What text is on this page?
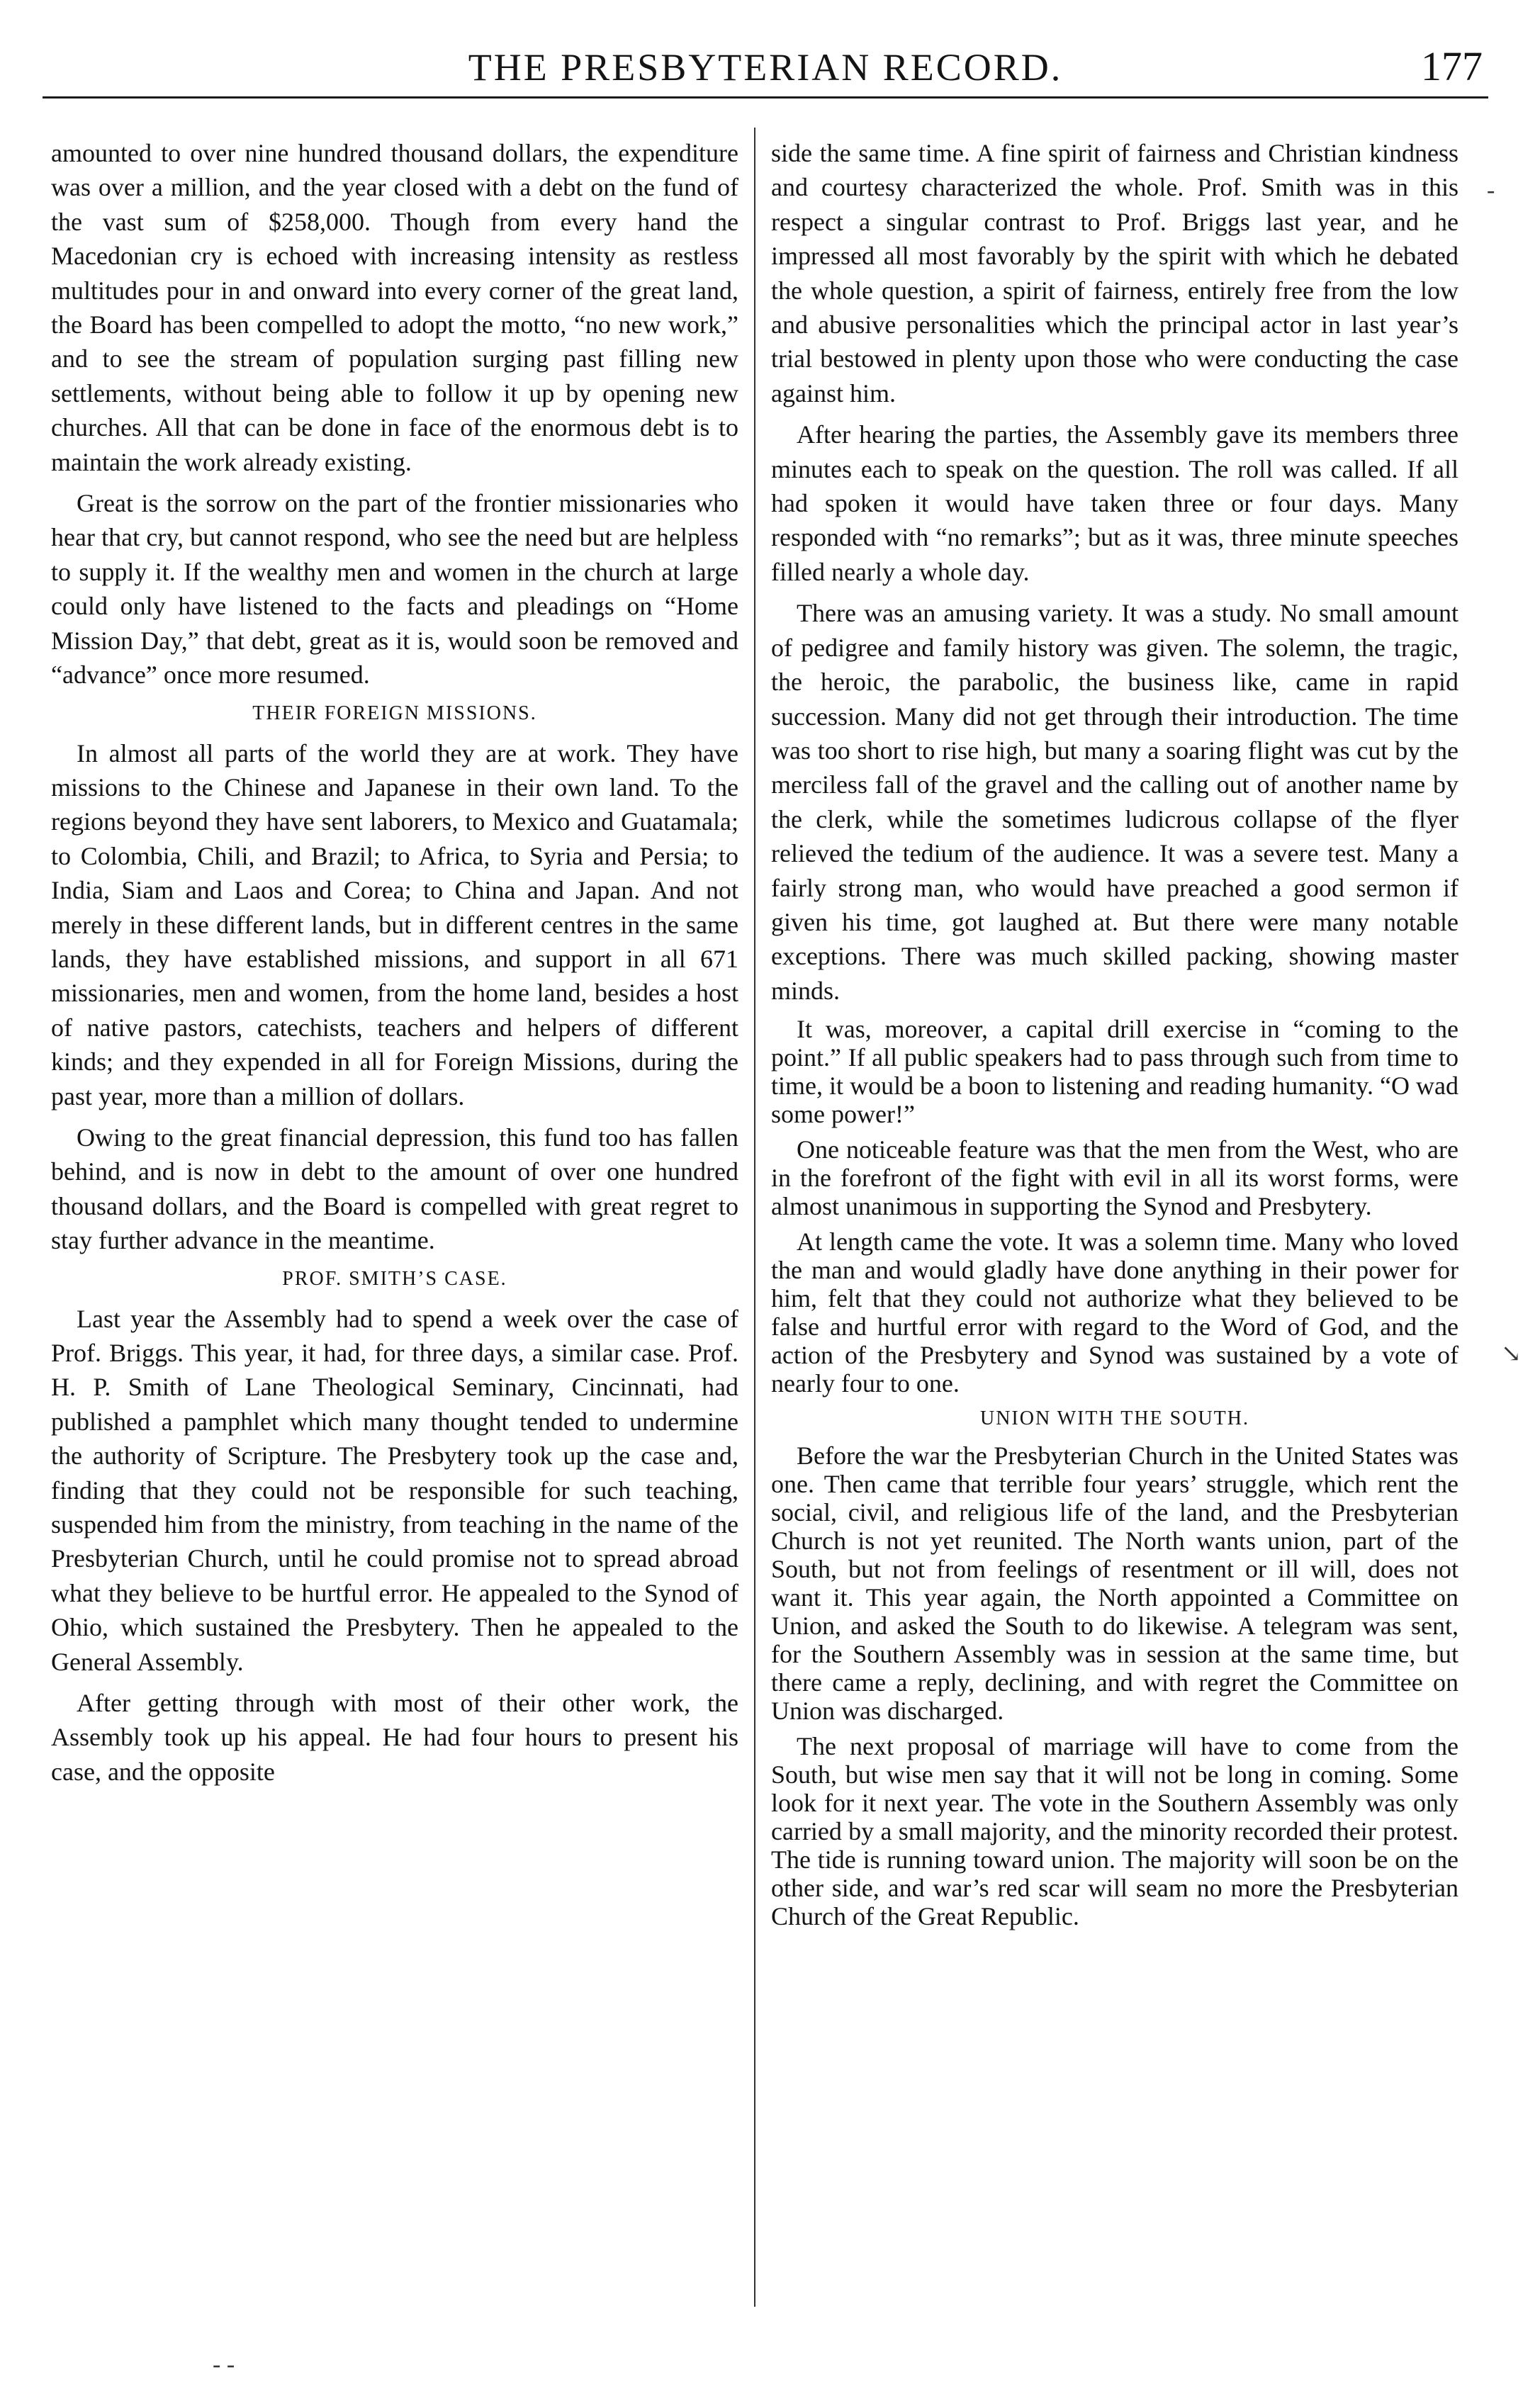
THE PRESBYTERIAN RECORD.	177

amounted to over nine hundred thousand dollars, the expenditure was over a million, and the year closed with a debt on the fund of the vast sum of $258,000. Though from every hand the Macedonian cry is echoed with increasing intensity as restless multitudes pour in and onward into every corner of the great land, the Board has been compelled to adopt the motto, “no new work,” and to see the stream of population surging past filling new settlements, without being able to follow it up by opening new churches. All that can be done in face of the enormous debt is to maintain the work already existing.

Great is the sorrow on the part of the frontier missionaries who hear that cry, but cannot respond, who see the need but are helpless to supply it. If the wealthy men and women in the church at large could only have listened to the facts and pleadings on “Home Mission Day,” that debt, great as it is, would soon be removed and “advance” once more resumed.

THEIR FOREIGN MISSIONS.

In almost all parts of the world they are at work. They have missions to the Chinese and Japanese in their own land. To the regions beyond they have sent laborers, to Mexico and Guatamala; to Colombia, Chili, and Brazil; to Africa, to Syria and Persia; to India, Siam and Laos and Corea; to China and Japan. And not merely in these different lands, but in different centres in the same lands, they have established missions, and support in all 671 missionaries, men and women, from the home land, besides a host of native pastors, catechists, teachers and helpers of different kinds; and they expended in all for Foreign Missions, during the past year, more than a million of dollars.

Owing to the great financial depression, this fund too has fallen behind, and is now in debt to the amount of over one hundred thousand dollars, and the Board is compelled with great regret to stay further advance in the meantime.

PROF. SMITH’S CASE.

Last year the Assembly had to spend a week over the case of Prof. Briggs. This year, it had, for three days, a similar case. Prof. H. P. Smith of Lane Theological Seminary, Cincinnati, had published a pamphlet which many thought tended to undermine the authority of Scripture. The Presbytery took up the case and, finding that they could not be responsible for such teaching, suspended him from the ministry, from teaching in the name of the Presbyterian Church, until he could promise not to spread abroad what they believe to be hurtful error. He appealed to the Synod of Ohio, which sustained the Presbytery. Then he appealed to the General Assembly.

After getting through with most of their other work, the Assembly took up his appeal. He had four hours to present his case, and the opposite

side the same time. A fine spirit of fairness and Christian kindness and courtesy characterized the whole. Prof. Smith was in this respect a singular contrast to Prof. Briggs last year, and he impressed all most favorably by the spirit with which he debated the whole question, a spirit of fairness, entirely free from the low and abusive personalities which the principal actor in last year’s trial bestowed in plenty upon those who were conducting the case against him.

After hearing the parties, the Assembly gave its members three minutes each to speak on the question. The roll was called. If all had spoken it would have taken three or four days. Many responded with “no remarks”; but as it was, three minute speeches filled nearly a whole day.

There was an amusing variety. It was a study. No small amount of pedigree and family history was given. The solemn, the tragic, the heroic, the parabolic, the business like, came in rapid succession. Many did not get through their introduction. The time was too short to rise high, but many a soaring flight was cut by the merciless fall of the gravel and the calling out of another name by the clerk, while the sometimes ludicrous collapse of the flyer relieved the tedium of the audience. It was a severe test. Many a fairly strong man, who would have preached a good sermon if given his time, got laughed at. But there were many notable exceptions. There was much skilled packing, showing master minds.

It was, moreover, a capital drill exercise in “coming to the point.” If all public speakers had to pass through such from time to time, it would be a boon to listening and reading humanity. “O wad some power!”

One noticeable feature was that the men from the West, who are in the forefront of the fight with evil in all its worst forms, were almost unanimous in supporting the Synod and Presbytery.

At length came the vote. It was a solemn time. Many who loved the man and would gladly have done anything in their power for him, felt that they could not authorize what they believed to be false and hurtful error with regard to the Word of God, and the action of the Presbytery and Synod was sustained by a vote of nearly four to one.

UNION WITH THE SOUTH.

Before the war the Presbyterian Church in the United States was one. Then came that terrible four years’ struggle, which rent the social, civil, and religious life of the land, and the Presbyterian Church is not yet reunited. The North wants union, part of the South, but not from feelings of resentment or ill will, does not want it. This year again, the North appointed a Committee on Union, and asked the South to do likewise. A telegram was sent, for the Southern Assembly was in session at the same time, but there came a reply, declining, and with regret the Committee on Union was discharged.

The next proposal of marriage will have to come from the South, but wise men say that it will not be long in coming. Some look for it next year. The vote in the Southern Assembly was only carried by a small majority, and the minority recorded their protest. The tide is running toward union. The majority will soon be on the other side, and war’s red scar will seam no more the Presbyterian Church of the Great Republic.

-
↘
- -
